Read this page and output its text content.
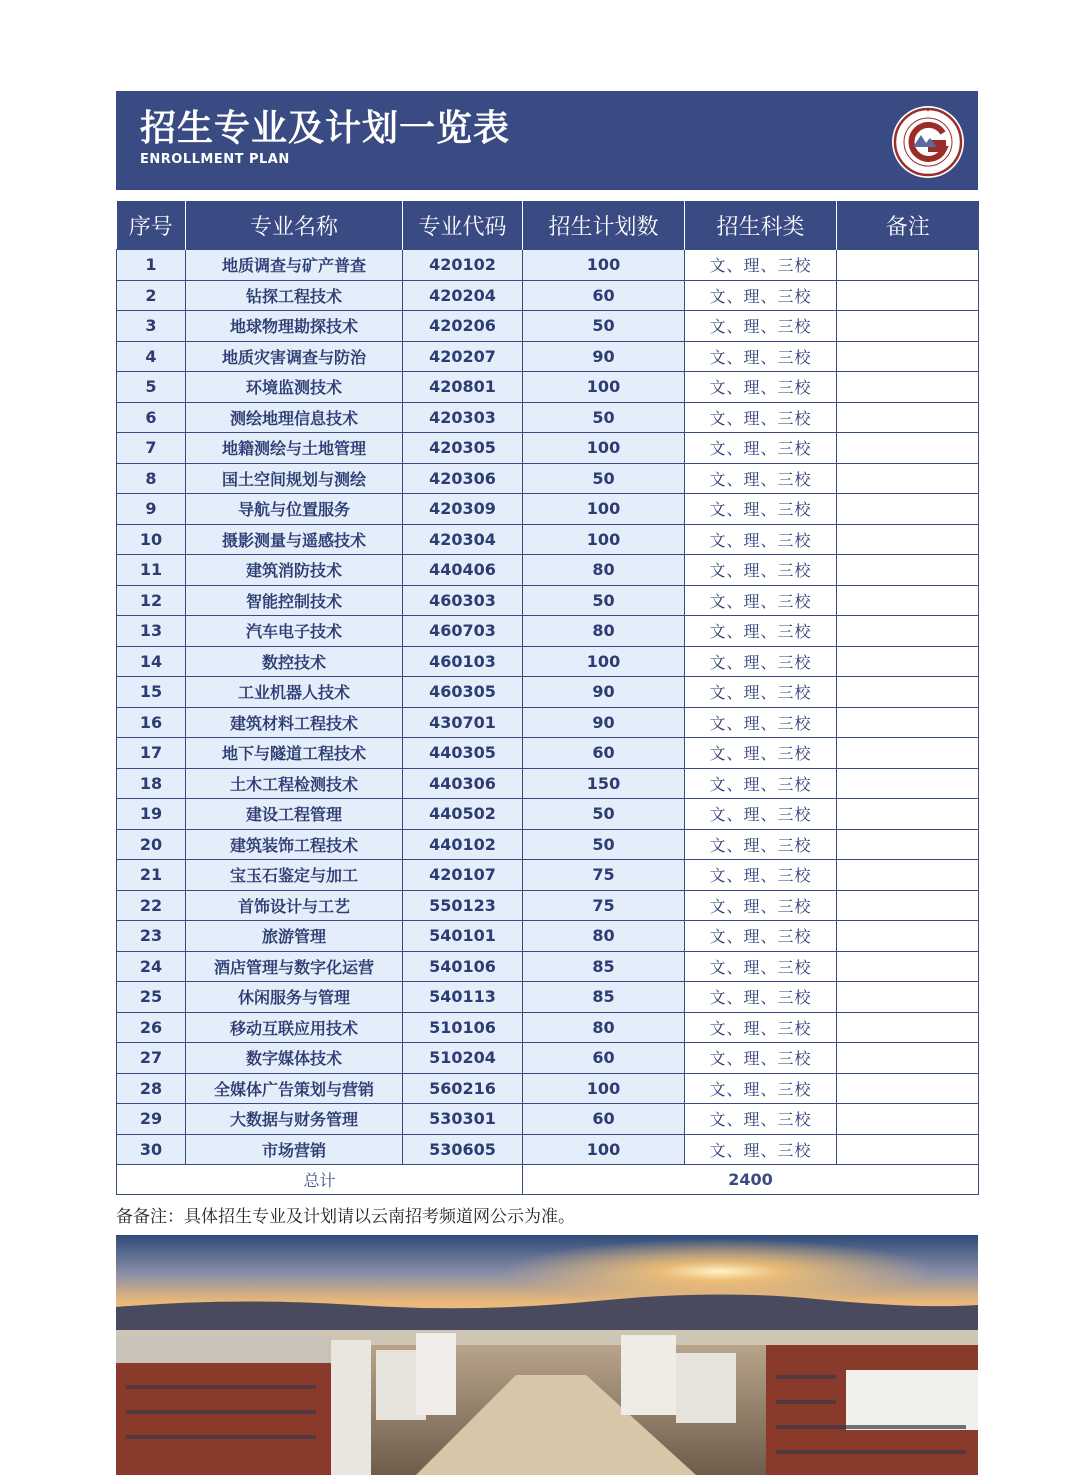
招生专业及计划一览表
ENROLLMENT PLAN
序号	专业名称	专业代码	招生计划数	招生科类	备注
1	地质调查与矿产普查	420102	100	文、理、三校	
2	钻探工程技术	420204	60	文、理、三校	
3	地球物理勘探技术	420206	50	文、理、三校	
4	地质灾害调查与防治	420207	90	文、理、三校	
5	环境监测技术	420801	100	文、理、三校	
6	测绘地理信息技术	420303	50	文、理、三校	
7	地籍测绘与土地管理	420305	100	文、理、三校	
8	国土空间规划与测绘	420306	50	文、理、三校	
9	导航与位置服务	420309	100	文、理、三校	
10	摄影测量与遥感技术	420304	100	文、理、三校	
11	建筑消防技术	440406	80	文、理、三校	
12	智能控制技术	460303	50	文、理、三校	
13	汽车电子技术	460703	80	文、理、三校	
14	数控技术	460103	100	文、理、三校	
15	工业机器人技术	460305	90	文、理、三校	
16	建筑材料工程技术	430701	90	文、理、三校	
17	地下与隧道工程技术	440305	60	文、理、三校	
18	土木工程检测技术	440306	150	文、理、三校	
19	建设工程管理	440502	50	文、理、三校	
20	建筑装饰工程技术	440102	50	文、理、三校	
21	宝玉石鉴定与加工	420107	75	文、理、三校	
22	首饰设计与工艺	550123	75	文、理、三校	
23	旅游管理	540101	80	文、理、三校	
24	酒店管理与数字化运营	540106	85	文、理、三校	
25	休闲服务与管理	540113	85	文、理、三校	
26	移动互联应用技术	510106	80	文、理、三校	
27	数字媒体技术	510204	60	文、理、三校	
28	全媒体广告策划与营销	560216	100	文、理、三校	
29	大数据与财务管理	530301	60	文、理、三校	
30	市场营销	530605	100	文、理、三校	
总计			2400		
备备注：具体招生专业及计划请以云南招考频道网公示为准。
